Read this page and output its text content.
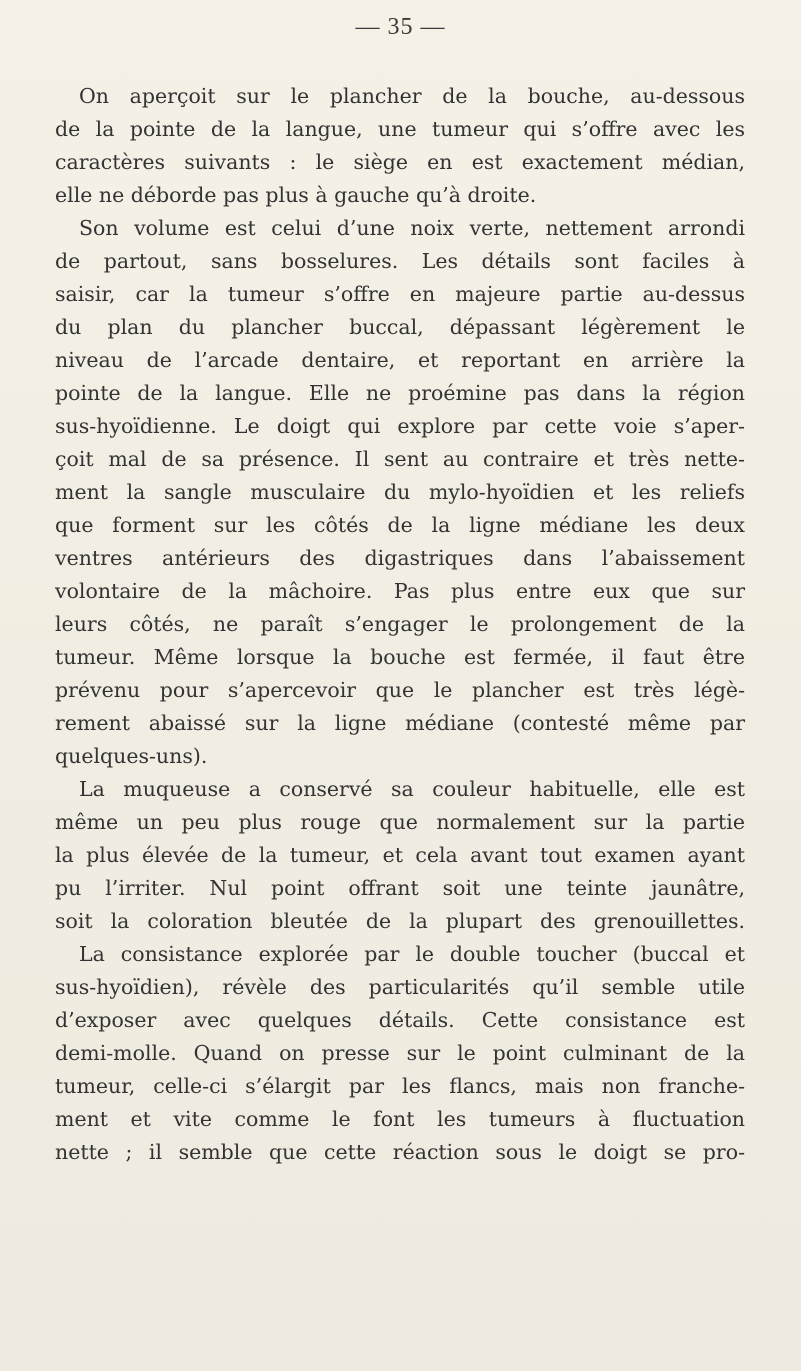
— 35 —
On aperçoit sur le plancher de la bouche, au-dessous
de la pointe de la langue, une tumeur qui s’offre avec les
caractères suivants : le siège en est exactement médian,
elle ne déborde pas plus à gauche qu’à droite.
Son volume est celui d’une noix verte, nettement arrondi
de partout, sans bosselures. Les détails sont faciles à
saisir, car la tumeur s’offre en majeure partie au-dessus
du plan du plancher buccal, dépassant légèrement le
niveau de l’arcade dentaire, et reportant en arrière la
pointe de la langue. Elle ne proémine pas dans la région
sus-hyoïdienne. Le doigt qui explore par cette voie s’aper-
çoit mal de sa présence. Il sent au contraire et très nette-
ment la sangle musculaire du mylo-hyoïdien et les reliefs
que forment sur les côtés de la ligne médiane les deux
ventres antérieurs des digastriques dans l’abaissement
volontaire de la mâchoire. Pas plus entre eux que sur
leurs côtés, ne paraît s’engager le prolongement de la
tumeur. Même lorsque la bouche est fermée, il faut être
prévenu pour s’apercevoir que le plancher est très légè-
rement abaissé sur la ligne médiane (contesté même par
quelques-uns).
La muqueuse a conservé sa couleur habituelle, elle est
même un peu plus rouge que normalement sur la partie
la plus élevée de la tumeur, et cela avant tout examen ayant
pu l’irriter. Nul point offrant soit une teinte jaunâtre,
soit la coloration bleutée de la plupart des grenouillettes.
La consistance explorée par le double toucher (buccal et
sus-hyoïdien), révèle des particularités qu’il semble utile
d’exposer avec quelques détails. Cette consistance est
demi-molle. Quand on presse sur le point culminant de la
tumeur, celle-ci s’élargit par les flancs, mais non franche-
ment et vite comme le font les tumeurs à fluctuation
nette ; il semble que cette réaction sous le doigt se pro-
